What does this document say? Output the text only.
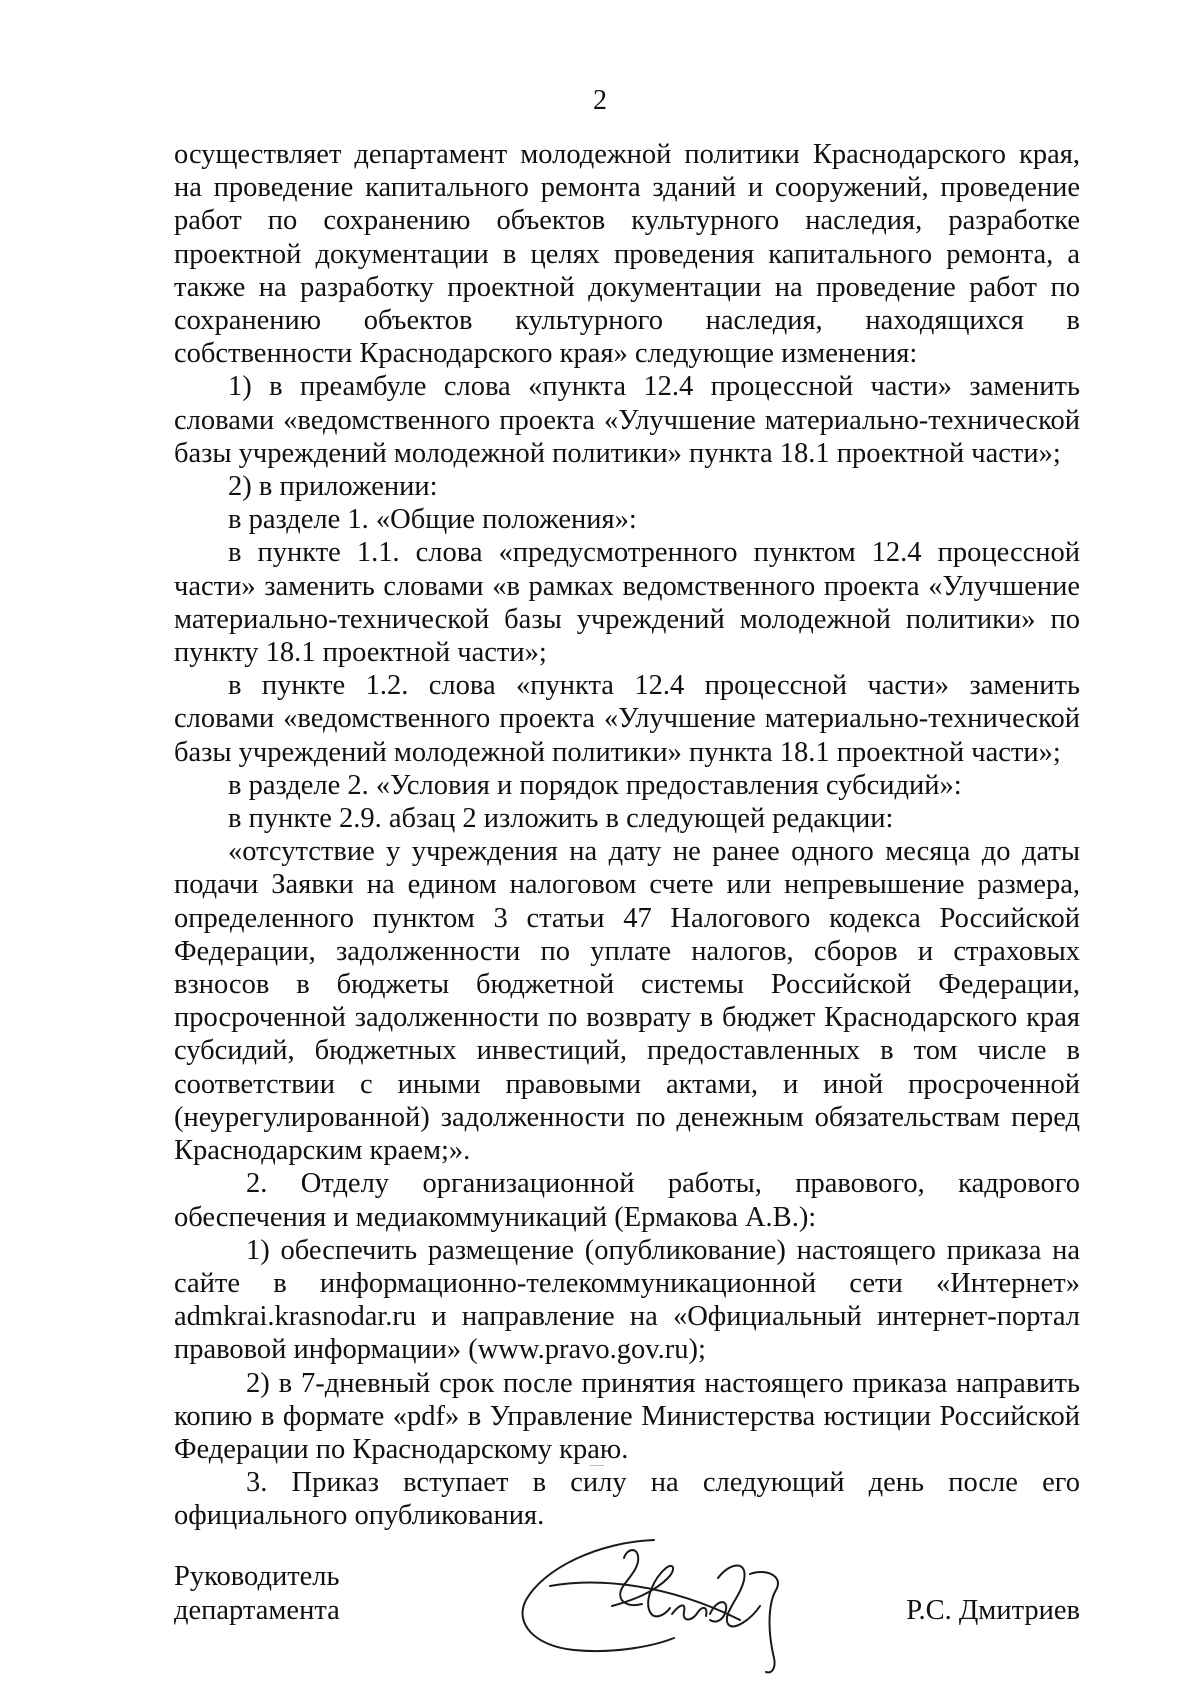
2

осуществляет департамент молодежной политики Краснодарского края, на проведение капитального ремонта зданий и сооружений, проведение работ по сохранению объектов культурного наследия, разработке проектной документации в целях проведения капитального ремонта, а также на разработку проектной документации на проведение работ по сохранению объектов культурного наследия, находящихся в собственности Краснодарского края» следующие изменения:

1) в преамбуле слова «пункта 12.4 процессной части» заменить словами «ведомственного проекта «Улучшение материально-технической базы учреждений молодежной политики» пункта 18.1 проектной части»;

2) в приложении:

в разделе 1. «Общие положения»:

в пункте 1.1. слова «предусмотренного пунктом 12.4 процессной части» заменить словами «в рамках ведомственного проекта «Улучшение материально-технической базы учреждений молодежной политики» по пункту 18.1 проектной части»;

в пункте 1.2. слова «пункта 12.4 процессной части» заменить словами «ведомственного проекта «Улучшение материально-технической базы учреждений молодежной политики» пункта 18.1 проектной части»;

в разделе 2. «Условия и порядок предоставления субсидий»:

в пункте 2.9. абзац 2 изложить в следующей редакции:

«отсутствие у учреждения на дату не ранее одного месяца до даты подачи Заявки на едином налоговом счете или непревышение размера, определенного пунктом 3 статьи 47 Налогового кодекса Российской Федерации, задолженности по уплате налогов, сборов и страховых взносов в бюджеты бюджетной системы Российской Федерации, просроченной задолженности по возврату в бюджет Краснодарского края субсидий, бюджетных инвестиций, предоставленных в том числе в соответствии с иными правовыми актами, и иной просроченной (неурегулированной) задолженности по денежным обязательствам перед Краснодарским краем;».

2. Отделу организационной работы, правового, кадрового обеспечения и медиакоммуникаций (Ермакова А.В.):

1) обеспечить размещение (опубликование) настоящего приказа на сайте в информационно-телекоммуникационной сети «Интернет» admkrai.krasnodar.ru и направление на «Официальный интернет-портал правовой информации» (www.pravo.gov.ru);

2) в 7-дневный срок после принятия настоящего приказа направить копию в формате «pdf» в Управление Министерства юстиции Российской Федерации по Краснодарскому краю.

3. Приказ вступает в силу на следующий день после его официального опубликования.

Руководитель
департамента	Р.С. Дмитриев
